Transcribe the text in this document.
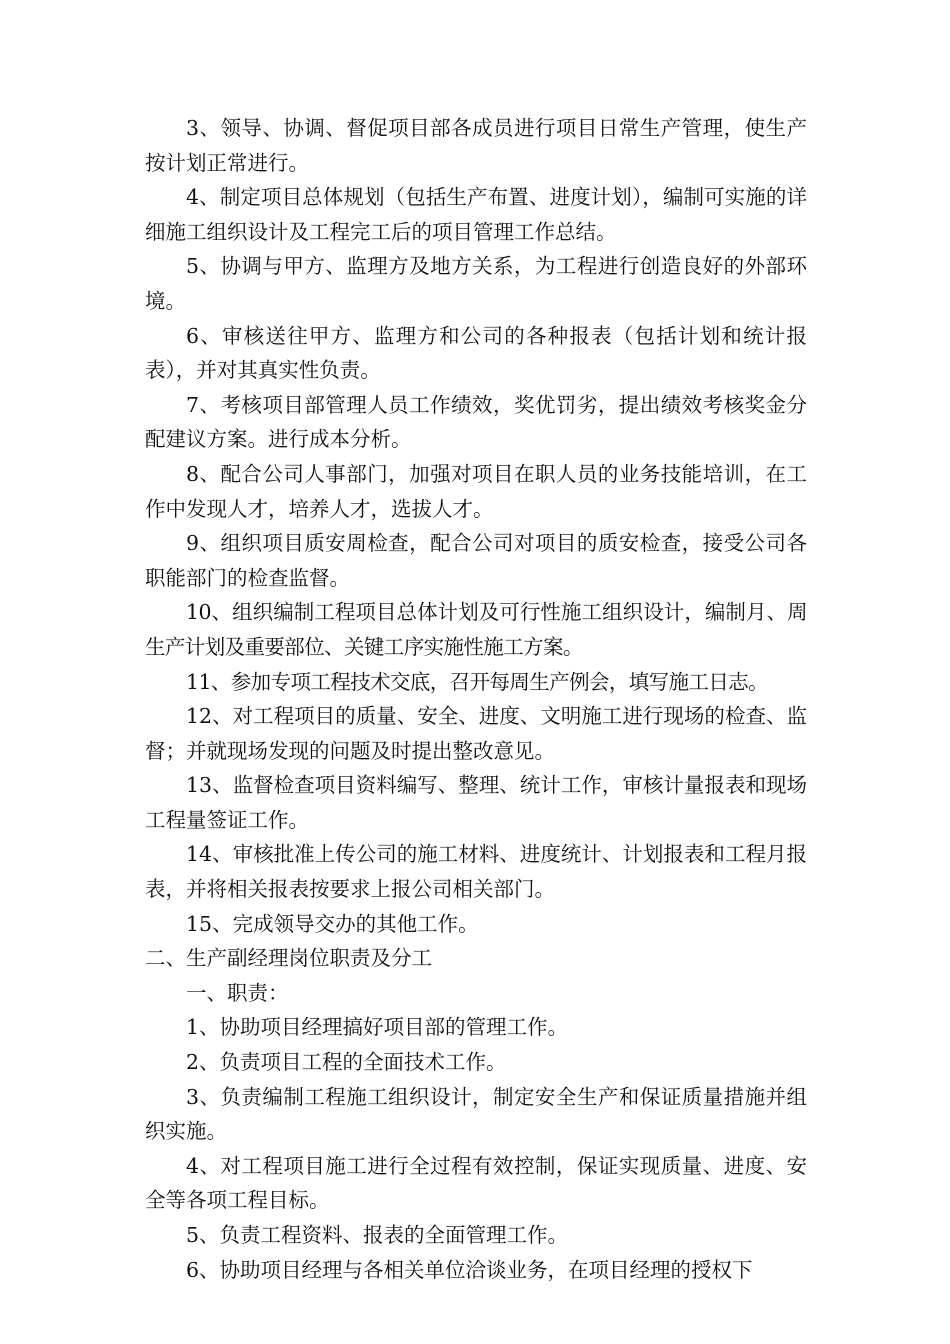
3、领导、协调、督促项目部各成员进行项目日常生产管理，使生产按计划正常进行。

4、制定项目总体规划（包括生产布置、进度计划），编制可实施的详细施工组织设计及工程完工后的项目管理工作总结。

5、协调与甲方、监理方及地方关系，为工程进行创造良好的外部环境。

6、审核送往甲方、监理方和公司的各种报表（包括计划和统计报表），并对其真实性负责。

7、考核项目部管理人员工作绩效，奖优罚劣，提出绩效考核奖金分配建议方案。进行成本分析。

8、配合公司人事部门，加强对项目在职人员的业务技能培训，在工作中发现人才，培养人才，选拔人才。

9、组织项目质安周检查，配合公司对项目的质安检查，接受公司各职能部门的检查监督。

10、组织编制工程项目总体计划及可行性施工组织设计，编制月、周生产计划及重要部位、关键工序实施性施工方案。

11、参加专项工程技术交底，召开每周生产例会，填写施工日志。

12、对工程项目的质量、安全、进度、文明施工进行现场的检查、监督；并就现场发现的问题及时提出整改意见。

13、监督检查项目资料编写、整理、统计工作，审核计量报表和现场工程量签证工作。

14、审核批准上传公司的施工材料、进度统计、计划报表和工程月报表，并将相关报表按要求上报公司相关部门。

15、完成领导交办的其他工作。

二、生产副经理岗位职责及分工

一、职责：

1、协助项目经理搞好项目部的管理工作。

2、负责项目工程的全面技术工作。

3、负责编制工程施工组织设计，制定安全生产和保证质量措施并组织实施。

4、对工程项目施工进行全过程有效控制，保证实现质量、进度、安全等各项工程目标。

5、负责工程资料、报表的全面管理工作。

6、协助项目经理与各相关单位洽谈业务，在项目经理的授权下
